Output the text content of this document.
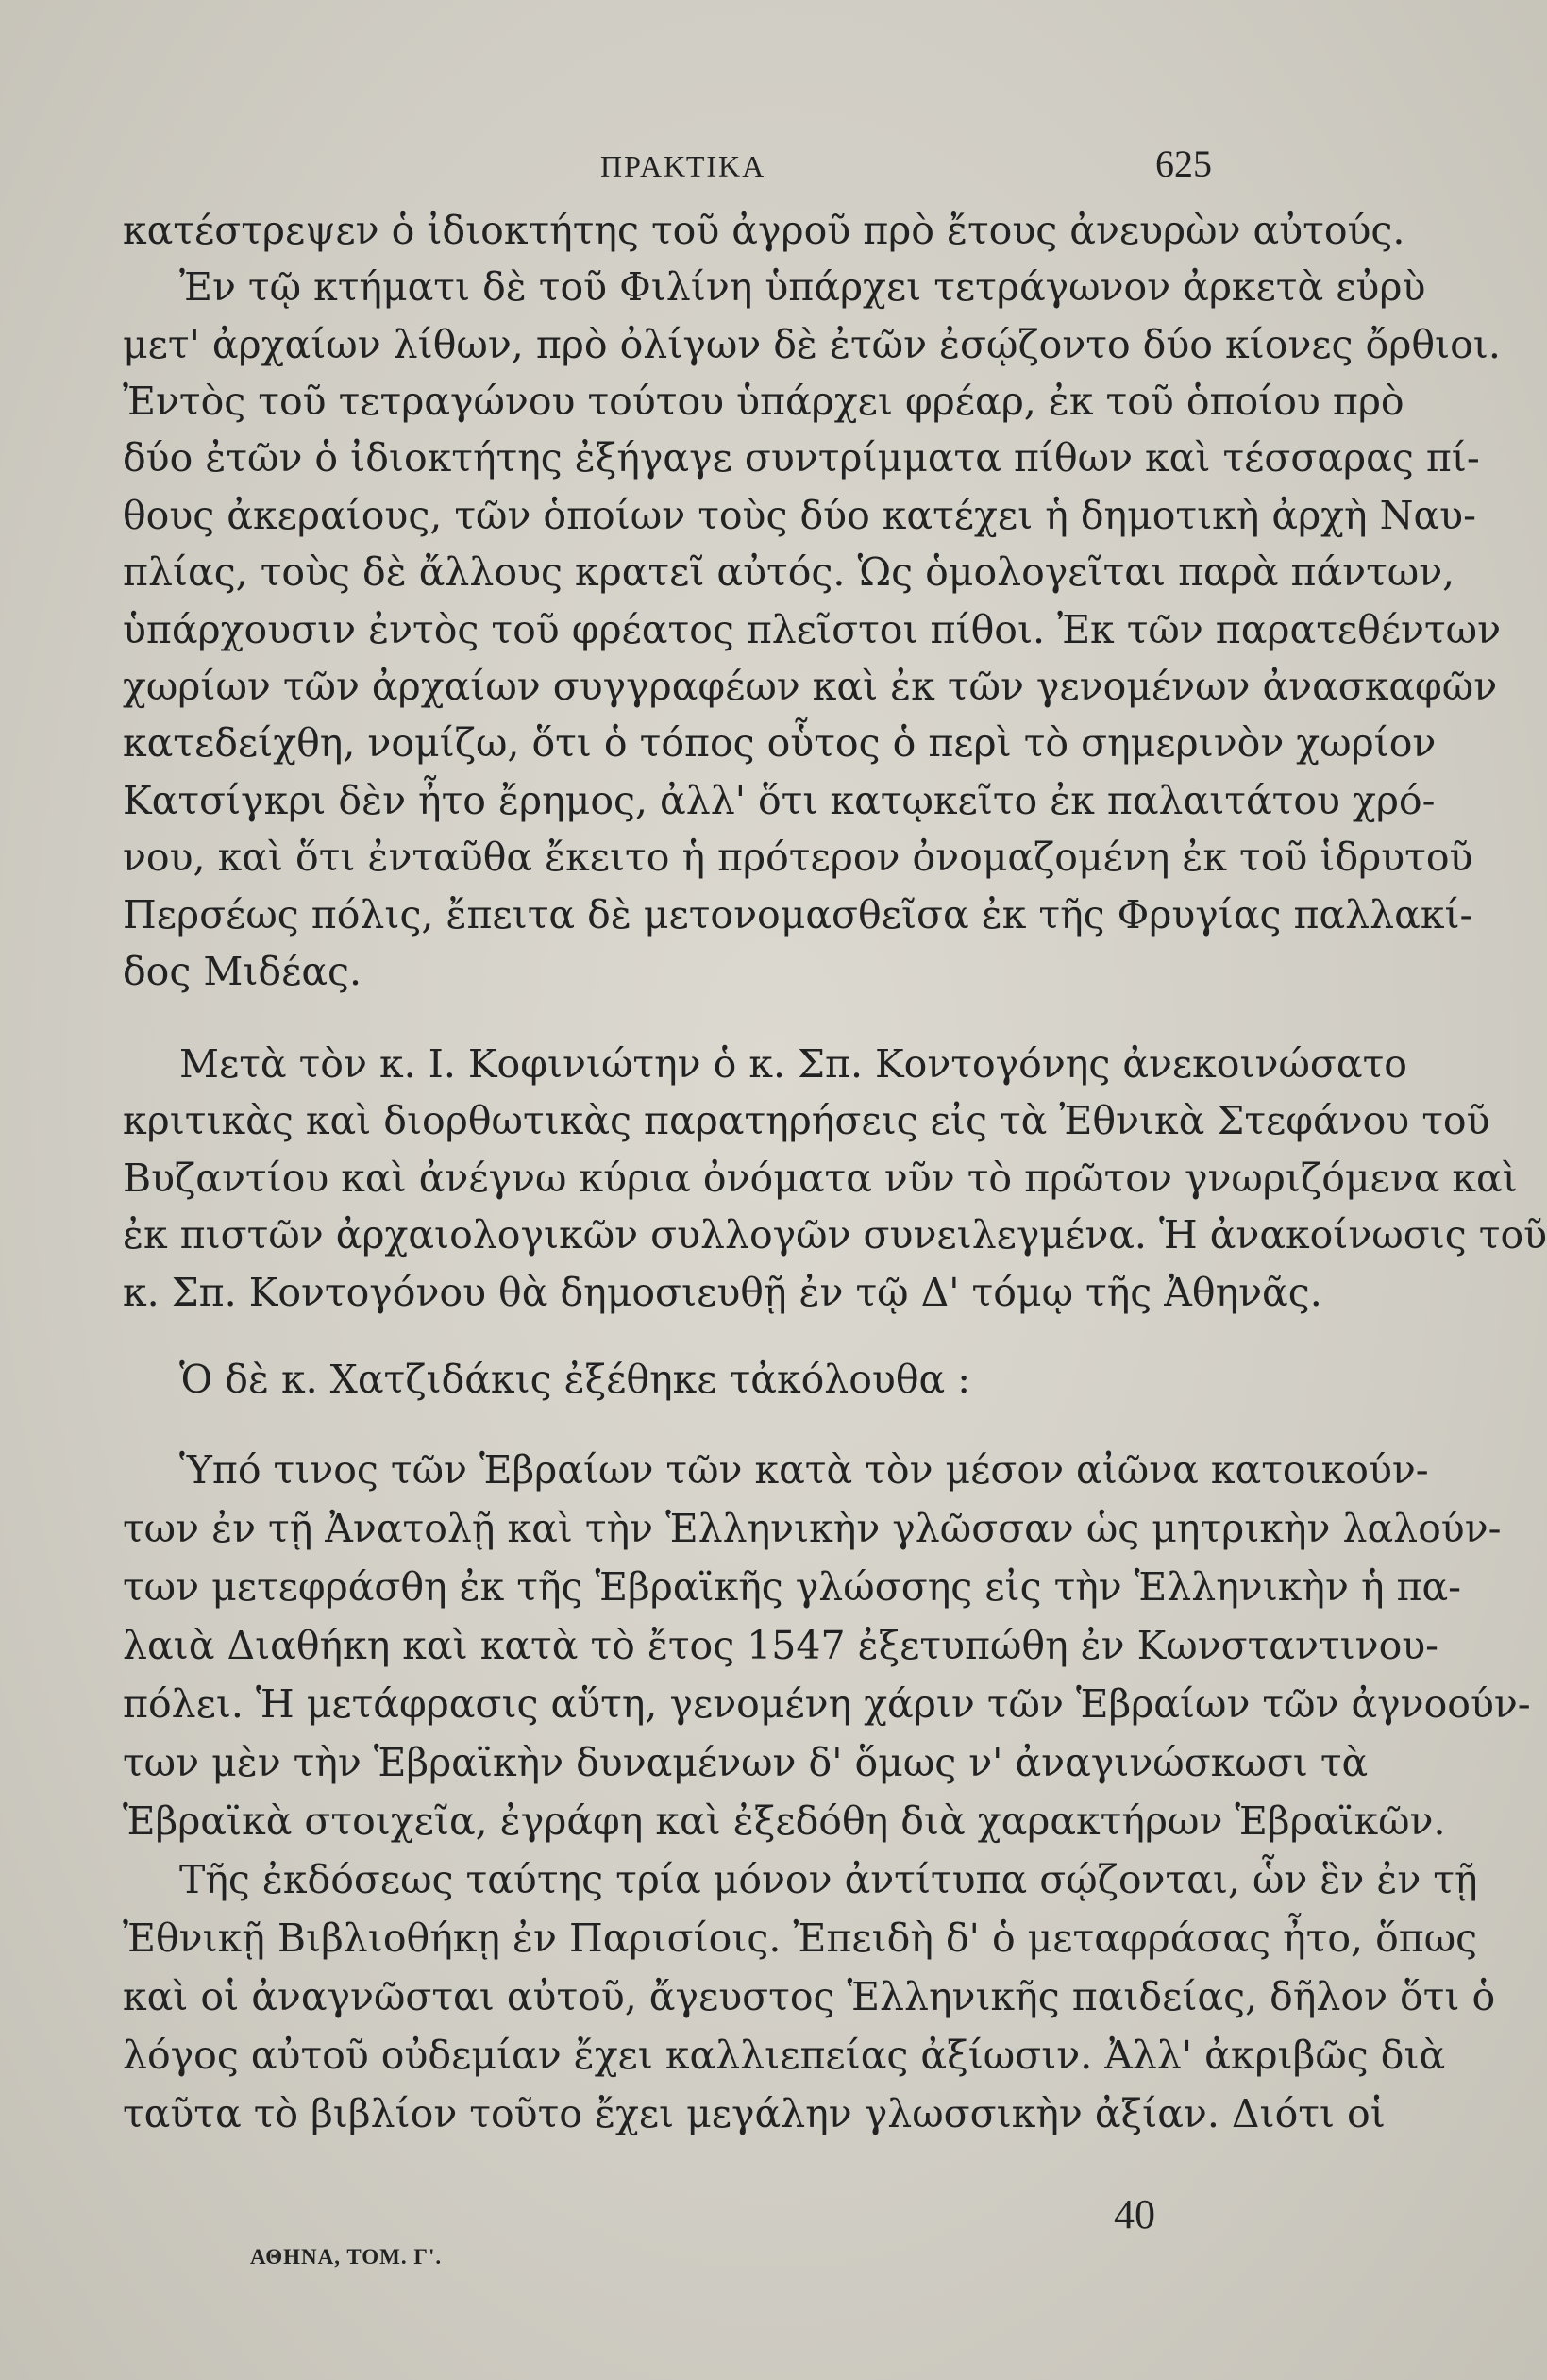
ΠΡΑΚΤΙΚΑ	625
κατέστρεψεν ὁ ἰδιοκτήτης τοῦ ἀγροῦ πρὸ ἔτους ἀνευρὼν αὐτούς.
Ἐν τῷ κτήματι δὲ τοῦ Φιλίνη ὑπάρχει τετράγωνον ἀρκετὰ εὐρὺ
μετ' ἀρχαίων λίθων, πρὸ ὀλίγων δὲ ἐτῶν ἐσῴζοντο δύο κίονες ὄρθιοι.
Ἐντὸς τοῦ τετραγώνου τούτου ὑπάρχει φρέαρ, ἐκ τοῦ ὁποίου πρὸ
δύο ἐτῶν ὁ ἰδιοκτήτης ἐξήγαγε συντρίμματα πίθων καὶ τέσσαρας πί-
θους ἀκεραίους, τῶν ὁποίων τοὺς δύο κατέχει ἡ δημοτικὴ ἀρχὴ Ναυ-
πλίας, τοὺς δὲ ἄλλους κρατεῖ αὐτός. Ὡς ὁμολογεῖται παρὰ πάντων,
ὑπάρχουσιν ἐντὸς τοῦ φρέατος πλεῖστοι πίθοι. Ἐκ τῶν παρατεθέντων
χωρίων τῶν ἀρχαίων συγγραφέων καὶ ἐκ τῶν γενομένων ἀνασκαφῶν
κατεδείχθη, νομίζω, ὅτι ὁ τόπος οὗτος ὁ περὶ τὸ σημερινὸν χωρίον
Κατσίγκρι δὲν ἦτο ἔρημος, ἀλλ' ὅτι κατῳκεῖτο ἐκ παλαιτάτου χρό-
νου, καὶ ὅτι ἐνταῦθα ἔκειτο ἡ πρότερον ὀνομαζομένη ἐκ τοῦ ἱδρυτοῦ
Περσέως πόλις, ἔπειτα δὲ μετονομασθεῖσα ἐκ τῆς Φρυγίας παλλακί-
δος Μιδέας.
Μετὰ τὸν κ. Ι. Κοφινιώτην ὁ κ. Σπ. Κοντογόνης ἀνεκοινώσατο
κριτικὰς καὶ διορθωτικὰς παρατηρήσεις εἰς τὰ Ἐθνικὰ Στεφάνου τοῦ
Βυζαντίου καὶ ἀνέγνω κύρια ὀνόματα νῦν τὸ πρῶτον γνωριζόμενα καὶ
ἐκ πιστῶν ἀρχαιολογικῶν συλλογῶν συνειλεγμένα. Ἡ ἀνακοίνωσις τοῦ
κ. Σπ. Κοντογόνου θὰ δημοσιευθῇ ἐν τῷ Δ' τόμῳ τῆς Ἀθηνᾶς.
Ὁ δὲ κ. Χατζιδάκις ἐξέθηκε τἀκόλουθα :
Ὑπό τινος τῶν Ἑβραίων τῶν κατὰ τὸν μέσον αἰῶνα κατοικούν-
των ἐν τῇ Ἀνατολῇ καὶ τὴν Ἑλληνικὴν γλῶσσαν ὡς μητρικὴν λαλούν-
των μετεφράσθη ἐκ τῆς Ἑβραϊκῆς γλώσσης εἰς τὴν Ἑλληνικὴν ἡ πα-
λαιὰ Διαθήκη καὶ κατὰ τὸ ἔτος 1547 ἐξετυπώθη ἐν Κωνσταντινου-
πόλει. Ἡ μετάφρασις αὕτη, γενομένη χάριν τῶν Ἑβραίων τῶν ἀγνοούν-
των μὲν τὴν Ἑβραϊκὴν δυναμένων δ' ὅμως ν' ἀναγινώσκωσι τὰ
Ἑβραϊκὰ στοιχεῖα, ἐγράφη καὶ ἐξεδόθη διὰ χαρακτήρων Ἑβραϊκῶν.
Τῆς ἐκδόσεως ταύτης τρία μόνον ἀντίτυπα σῴζονται, ὧν ἓν ἐν τῇ
Ἐθνικῇ Βιβλιοθήκῃ ἐν Παρισίοις. Ἐπειδὴ δ' ὁ μεταφράσας ἦτο, ὅπως
καὶ οἱ ἀναγνῶσται αὐτοῦ, ἄγευστος Ἑλληνικῆς παιδείας, δῆλον ὅτι ὁ
λόγος αὐτοῦ οὐδεμίαν ἔχει καλλιεπείας ἀξίωσιν. Ἀλλ' ἀκριβῶς διὰ
ταῦτα τὸ βιβλίον τοῦτο ἔχει μεγάλην γλωσσικὴν ἀξίαν. Διότι οἱ
ΑΘΗΝΑ, ΤΟΜ. Γ'.
40
